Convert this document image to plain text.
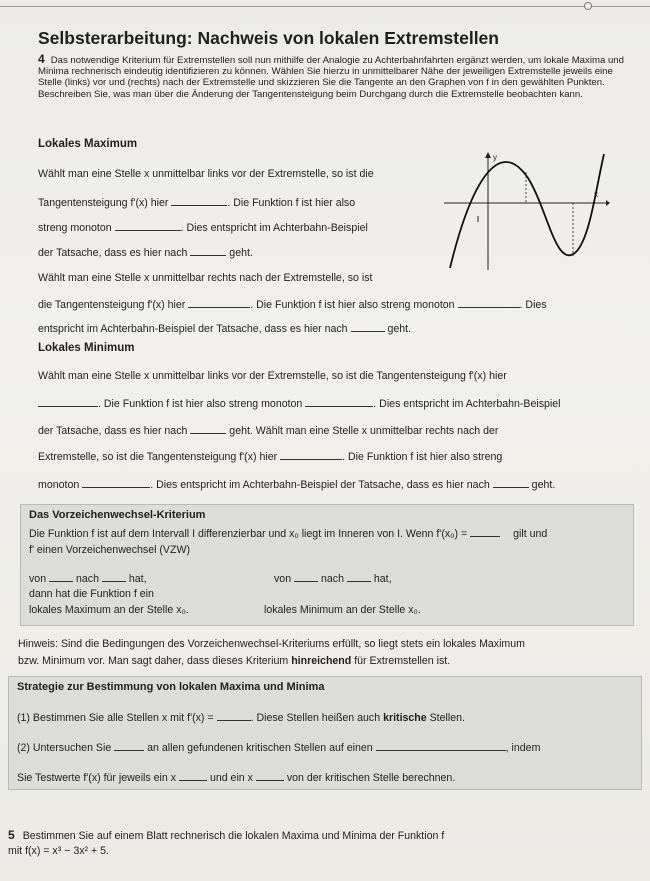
Selbsterarbeitung: Nachweis von lokalen Extremstellen
4 Das notwendige Kriterium für Extremstellen soll nun mithilfe der Analogie zu Achterbahnfahrten ergänzt werden, um lokale Maxima und Minima rechnerisch eindeutig identifizieren zu können. Wählen Sie hierzu in unmittelbarer Nähe der jeweiligen Extremstelle jeweils eine Stelle (links) vor und (rechts) nach der Extremstelle und skizzieren Sie die Tangente an den Graphen von f in den gewählten Punkten. Beschreiben Sie, was man über die Änderung der Tangentensteigung beim Durchgang durch die Extremstelle beobachten kann.
Lokales Maximum
Wählt man eine Stelle x unmittelbar links vor der Extremstelle, so ist die
Tangentensteigung f'(x) hier	. Die Funktion f ist hier also
streng monoton	. Dies entspricht im Achterbahn-Beispiel
der Tatsache, dass es hier nach	geht.
Wählt man eine Stelle x unmittelbar rechts nach der Extremstelle, so ist
die Tangentensteigung f'(x) hier	. Die Funktion f ist hier also streng monoton	. Dies
entspricht im Achterbahn-Beispiel der Tatsache, dass es hier nach	geht.
y
x
Lokales Minimum
Wählt man eine Stelle x unmittelbar links vor der Extremstelle, so ist die Tangentensteigung f'(x) hier
. Die Funktion f ist hier also streng monoton	. Dies entspricht im Achterbahn-Beispiel
der Tatsache, dass es hier nach	geht. Wählt man eine Stelle x unmittelbar rechts nach der
Extremstelle, so ist die Tangentensteigung f'(x) hier	. Die Funktion f ist hier also streng
monoton	. Dies entspricht im Achterbahn-Beispiel der Tatsache, dass es hier nach	geht.
Das Vorzeichenwechsel-Kriterium
Die Funktion f ist auf dem Intervall I differenzierbar und x₀ liegt im Inneren von I. Wenn f'(x₀) =	gilt und
f' einen Vorzeichenwechsel (VZW)
von	nach	hat,	von	nach	hat,
dann hat die Funktion f ein
lokales Maximum an der Stelle x₀.	lokales Minimum an der Stelle x₀.
Hinweis: Sind die Bedingungen des Vorzeichenwechsel-Kriteriums erfüllt, so liegt stets ein lokales Maximum
bzw. Minimum vor. Man sagt daher, dass dieses Kriterium hinreichend für Extremstellen ist.
Strategie zur Bestimmung von lokalen Maxima und Minima
(1) Bestimmen Sie alle Stellen x mit f'(x) =	. Diese Stellen heißen auch kritische Stellen.
(2) Untersuchen Sie	an allen gefundenen kritischen Stellen auf einen	, indem
Sie Testwerte f'(x) für jeweils ein x	und ein x	von der kritischen Stelle berechnen.
5 Bestimmen Sie auf einem Blatt rechnerisch die lokalen Maxima und Minima der Funktion f
mit f(x) = x³ − 3x² + 5.
